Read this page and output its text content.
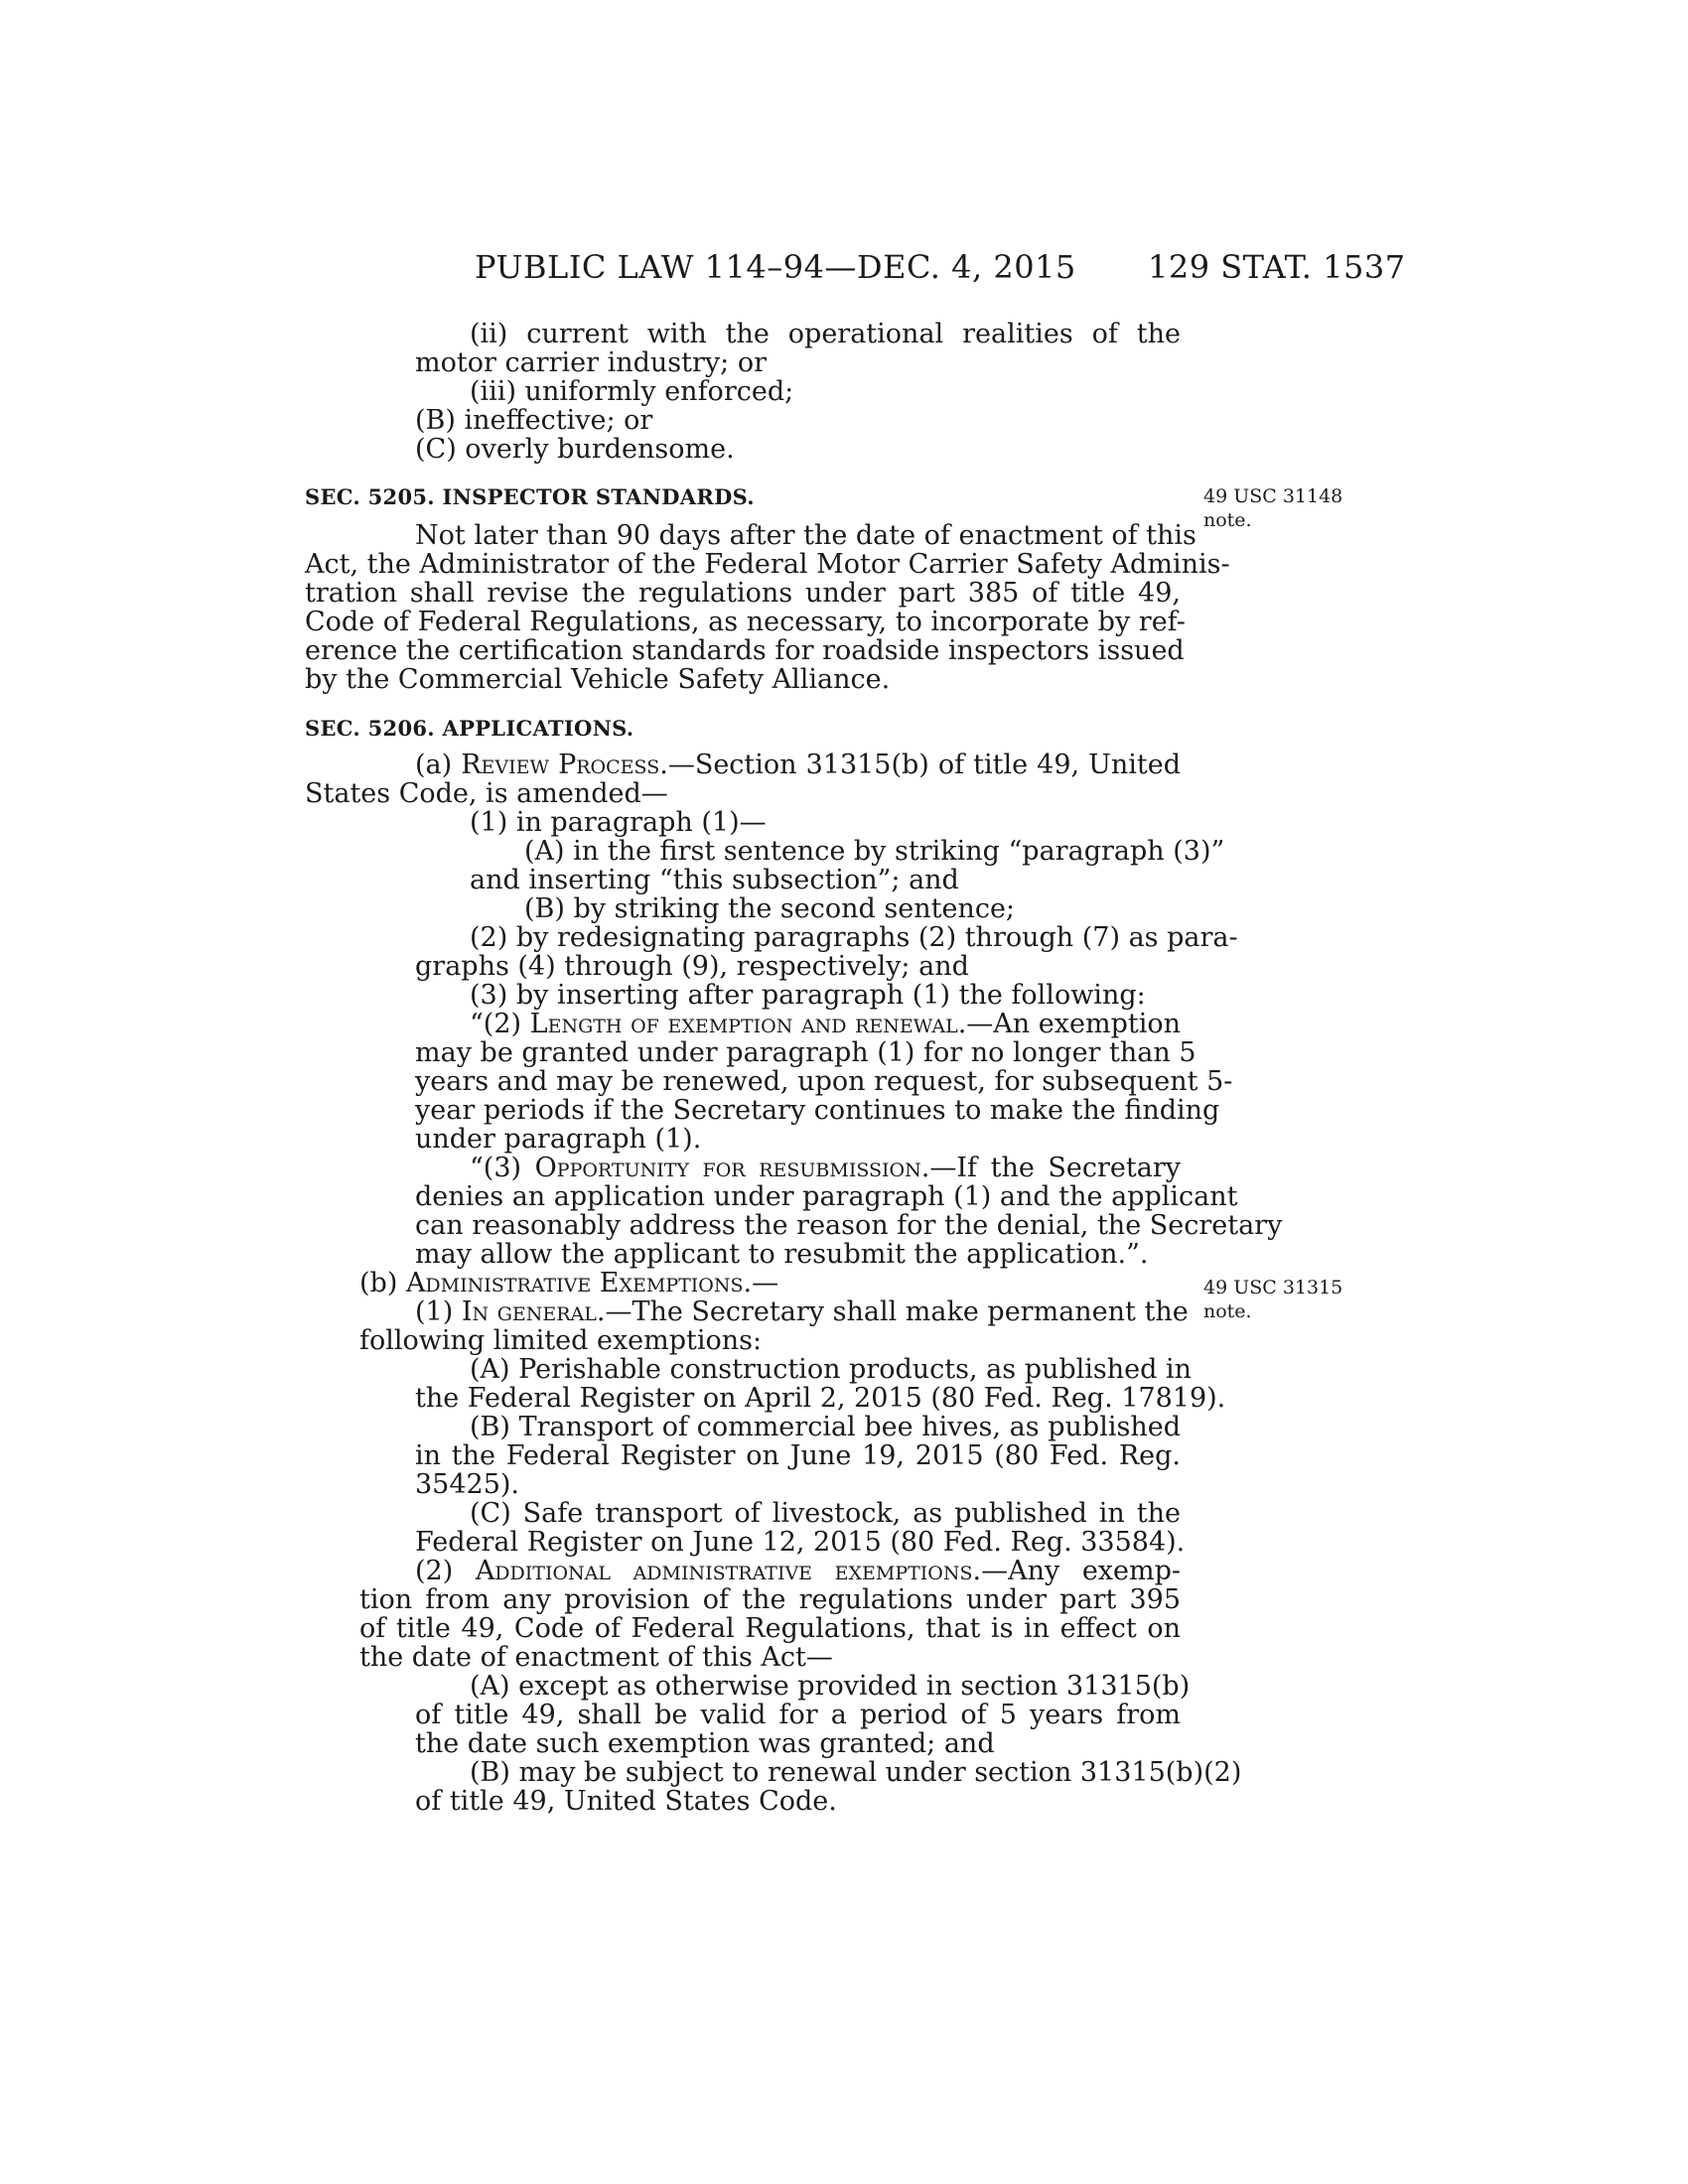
PUBLIC LAW 114–94—DEC. 4, 2015 129 STAT. 1537
(ii) current with the operational realities of the
motor carrier industry; or
(iii) uniformly enforced;
(B) ineffective; or
(C) overly burdensome.
SEC. 5205. INSPECTOR STANDARDS.
Not later than 90 days after the date of enactment of this
Act, the Administrator of the Federal Motor Carrier Safety Adminis-
tration shall revise the regulations under part 385 of title 49,
Code of Federal Regulations, as necessary, to incorporate by ref-
erence the certification standards for roadside inspectors issued
by the Commercial Vehicle Safety Alliance.
SEC. 5206. APPLICATIONS.
(a) Review Process.—Section 31315(b) of title 49, United
States Code, is amended—
(1) in paragraph (1)—
(A) in the first sentence by striking “paragraph (3)”
and inserting “this subsection”; and
(B) by striking the second sentence;
(2) by redesignating paragraphs (2) through (7) as para-
graphs (4) through (9), respectively; and
(3) by inserting after paragraph (1) the following:
“(2) Length of exemption and renewal.—An exemption
may be granted under paragraph (1) for no longer than 5
years and may be renewed, upon request, for subsequent 5-
year periods if the Secretary continues to make the finding
under paragraph (1).
“(3) Opportunity for resubmission.—If the Secretary
denies an application under paragraph (1) and the applicant
can reasonably address the reason for the denial, the Secretary
may allow the applicant to resubmit the application.”.
(b) Administrative Exemptions.—
(1) In general.—The Secretary shall make permanent the
following limited exemptions:
(A) Perishable construction products, as published in
the Federal Register on April 2, 2015 (80 Fed. Reg. 17819).
(B) Transport of commercial bee hives, as published
in the Federal Register on June 19, 2015 (80 Fed. Reg.
35425).
(C) Safe transport of livestock, as published in the
Federal Register on June 12, 2015 (80 Fed. Reg. 33584).
(2) Additional administrative exemptions.—Any exemp-
tion from any provision of the regulations under part 395
of title 49, Code of Federal Regulations, that is in effect on
the date of enactment of this Act—
(A) except as otherwise provided in section 31315(b)
of title 49, shall be valid for a period of 5 years from
the date such exemption was granted; and
(B) may be subject to renewal under section 31315(b)(2)
of title 49, United States Code.
49 USC 31148
note.
49 USC 31315
note.
